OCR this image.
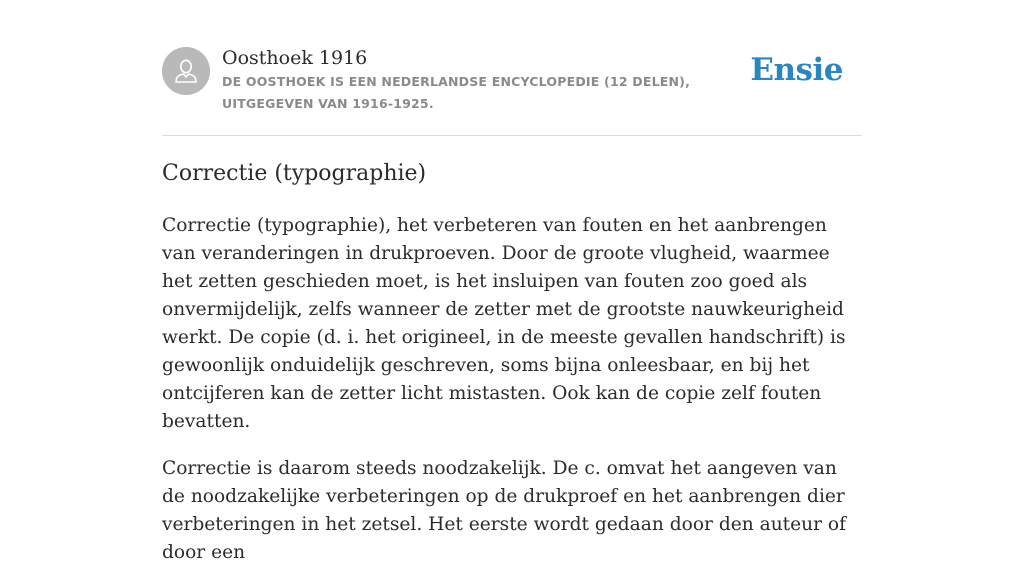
Oosthoek 1916

DE OOSTHOEK IS EEN NEDERLANDSE ENCYCLOPEDIE (12 DELEN), UITGEGEVEN VAN 1916-1925.

Ensie
Correctie (typographie)

Correctie (typographie), het verbeteren van fouten en het aanbrengen van veranderingen in drukproeven. Door de groote vlugheid, waarmee het zetten geschieden moet, is het insluipen van fouten zoo goed als onvermijdelijk, zelfs wanneer de zetter met de grootste nauwkeurigheid werkt. De copie (d. i. het origineel, in de meeste gevallen handschrift) is gewoonlijk onduidelijk geschreven, soms bijna onleesbaar, en bij het ontcijferen kan de zetter licht mistasten. Ook kan de copie zelf fouten bevatten.

Correctie is daarom steeds noodzakelijk. De c. omvat het aangeven van de noodzakelijke verbeteringen op de drukproef en het aanbrengen dier verbeteringen in het zetsel. Het eerste wordt gedaan door den auteur of door een
